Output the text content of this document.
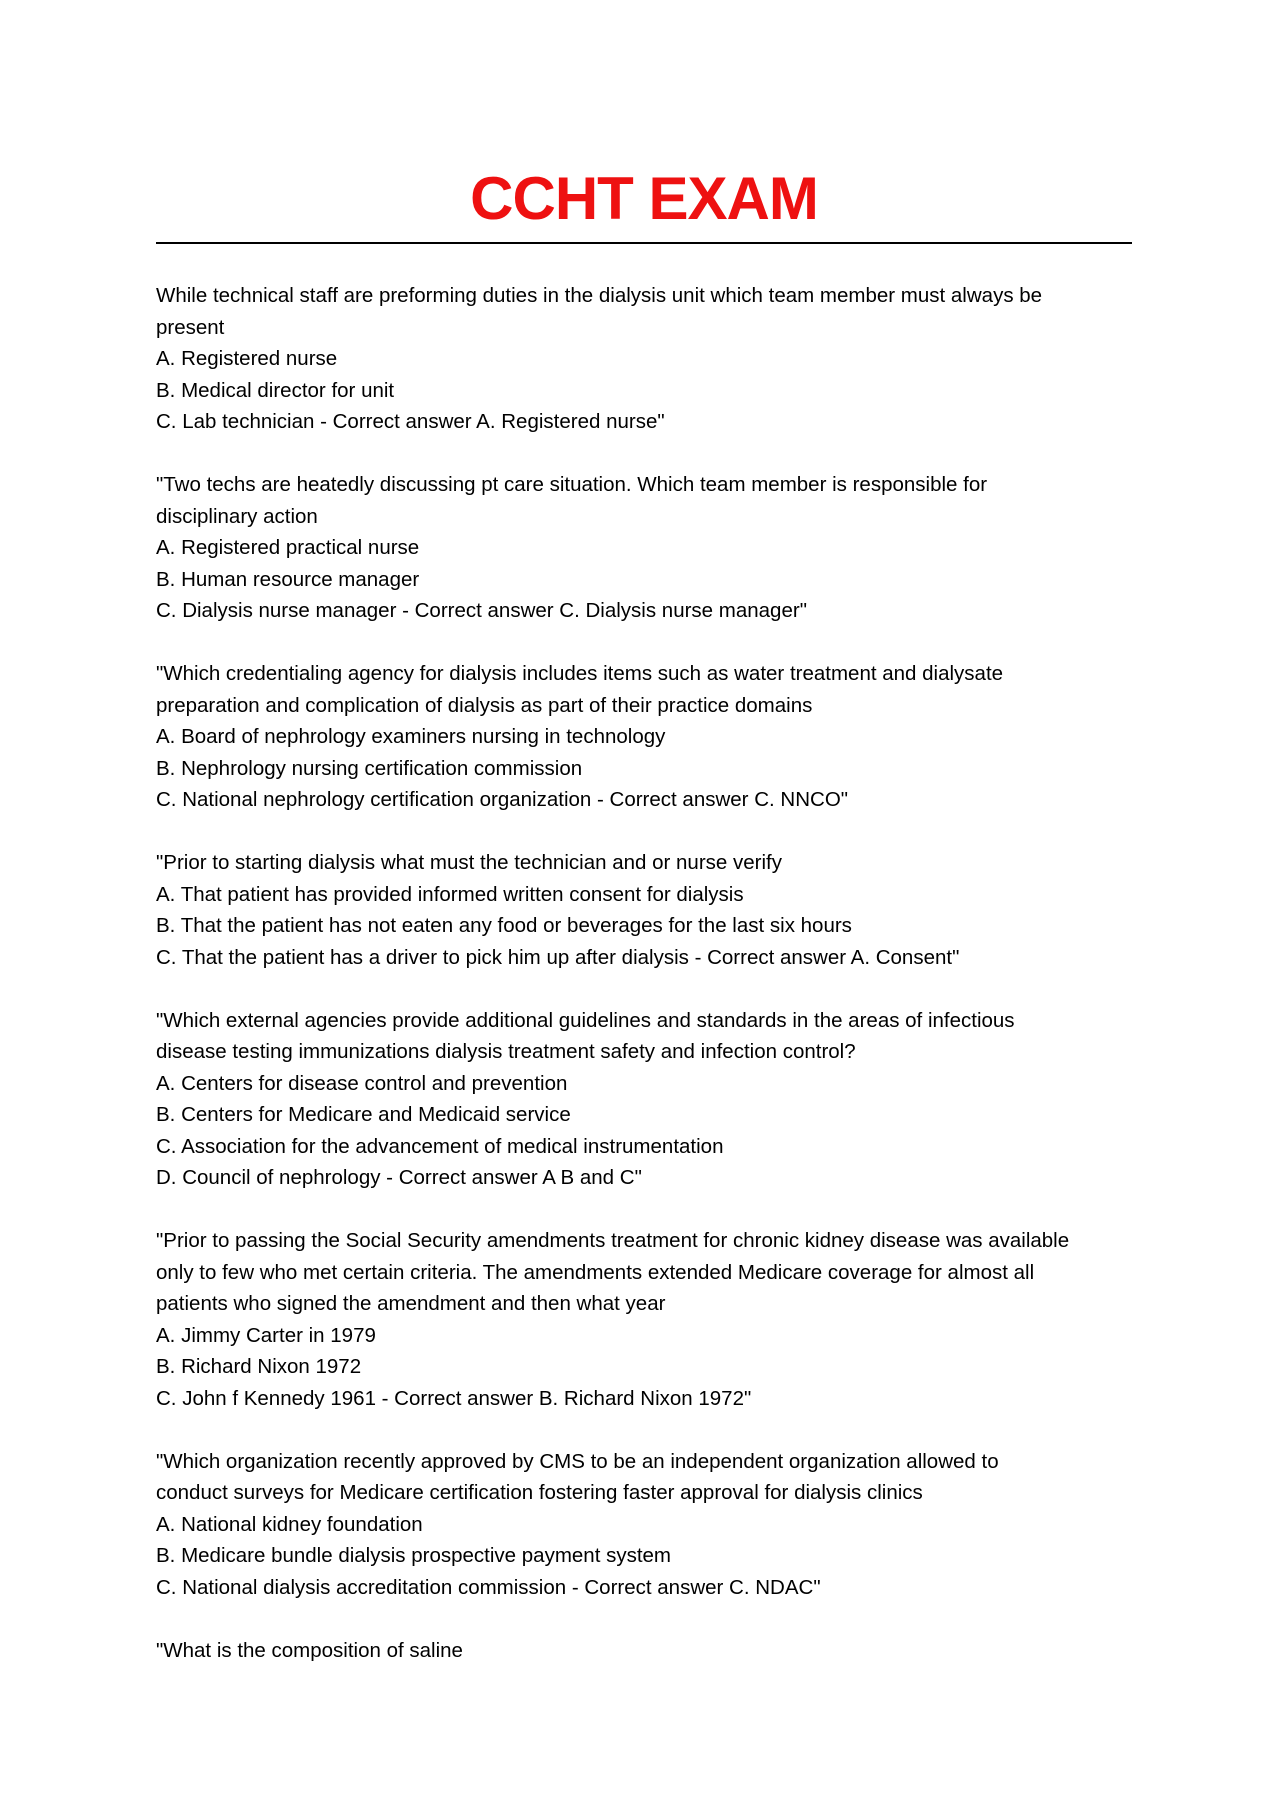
CCHT EXAM
While technical staff are preforming duties in the dialysis unit which team member must always be
present
A. Registered nurse
B. Medical director for unit
C. Lab technician - Correct answer A. Registered nurse"
"Two techs are heatedly discussing pt care situation. Which team member is responsible for
disciplinary action
A. Registered practical nurse
B. Human resource manager
C. Dialysis nurse manager - Correct answer C. Dialysis nurse manager"
"Which credentialing agency for dialysis includes items such as water treatment and dialysate
preparation and complication of dialysis as part of their practice domains
A. Board of nephrology examiners nursing in technology
B. Nephrology nursing certification commission
C. National nephrology certification organization - Correct answer C. NNCO"
"Prior to starting dialysis what must the technician and or nurse verify
A. That patient has provided informed written consent for dialysis
B. That the patient has not eaten any food or beverages for the last six hours
C. That the patient has a driver to pick him up after dialysis - Correct answer A. Consent"
"Which external agencies provide additional guidelines and standards in the areas of infectious
disease testing immunizations dialysis treatment safety and infection control?
A. Centers for disease control and prevention
B. Centers for Medicare and Medicaid service
C. Association for the advancement of medical instrumentation
D. Council of nephrology - Correct answer A B and C"
"Prior to passing the Social Security amendments treatment for chronic kidney disease was available
only to few who met certain criteria. The amendments extended Medicare coverage for almost all
patients who signed the amendment and then what year
A. Jimmy Carter in 1979
B. Richard Nixon 1972
C. John f Kennedy 1961 - Correct answer B. Richard Nixon 1972"
"Which organization recently approved by CMS to be an independent organization allowed to
conduct surveys for Medicare certification fostering faster approval for dialysis clinics
A. National kidney foundation
B. Medicare bundle dialysis prospective payment system
C. National dialysis accreditation commission - Correct answer C. NDAC"
"What is the composition of saline
